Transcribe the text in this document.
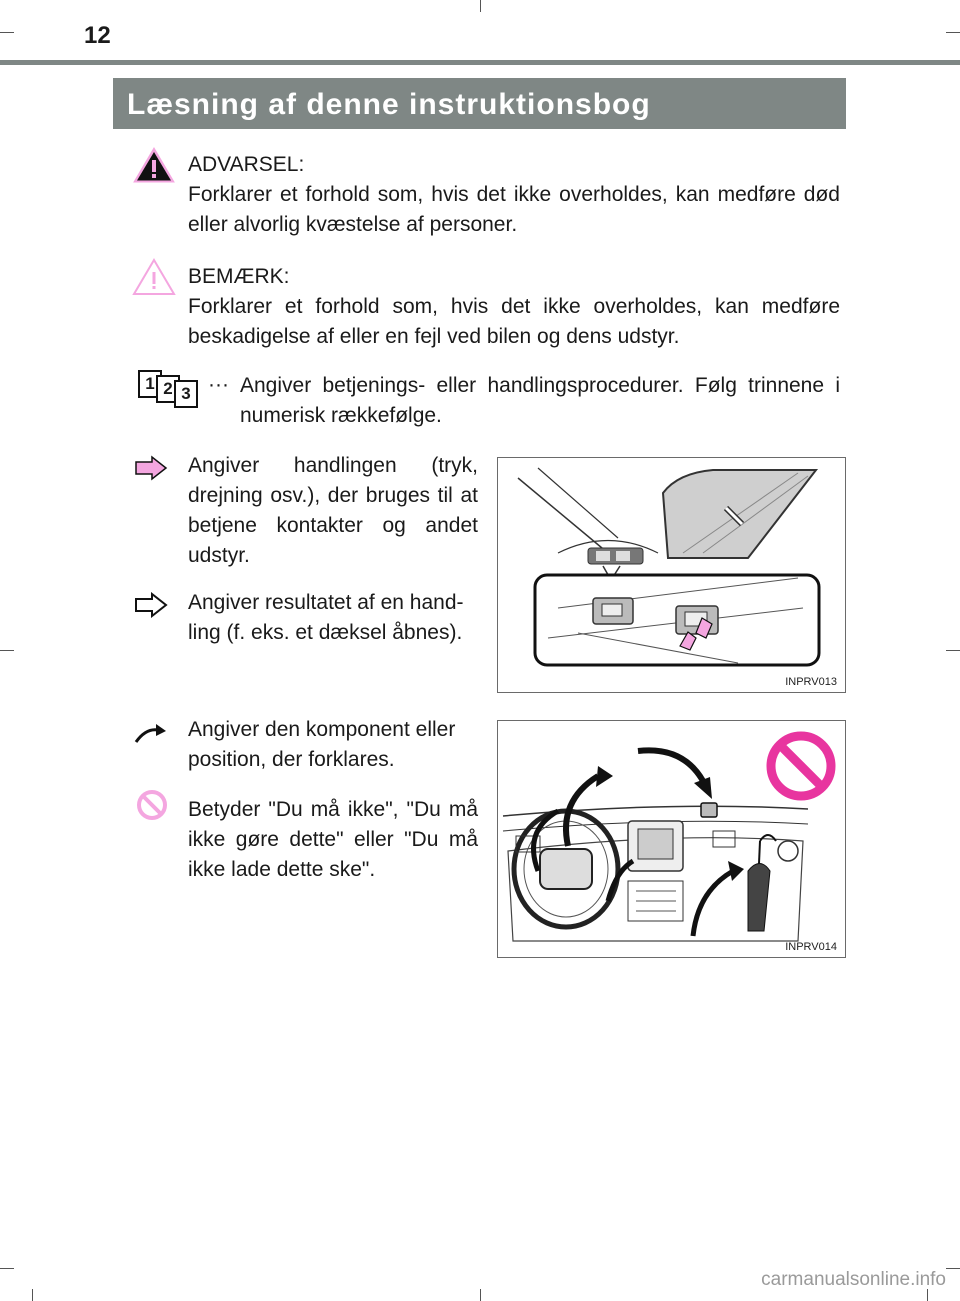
12
Læsning af denne instruktionsbog
ADVARSEL:
Forklarer et forhold som, hvis det ikke overholdes, kan medføre død eller alvorlig kvæstelse af personer.
BEMÆRK:
Forklarer et forhold som, hvis det ikke overholdes, kan medføre beskadigelse af eller en fejl ved bilen og dens udstyr.
1 2 3 ··· Angiver betjenings- eller handlingsprocedurer. Følg trinnene i numerisk rækkefølge.
Angiver handlingen (tryk, drejning osv.), der bruges til at betjene kontakter og andet udstyr.
Angiver resultatet af en hand-ling (f. eks. et dæksel åbnes).
Angiver den komponent eller position, der forklares.
Betyder "Du må ikke", "Du må ikke gøre dette" eller "Du må ikke lade dette ske".
INPRV013
INPRV014
carmanualsonline.info
